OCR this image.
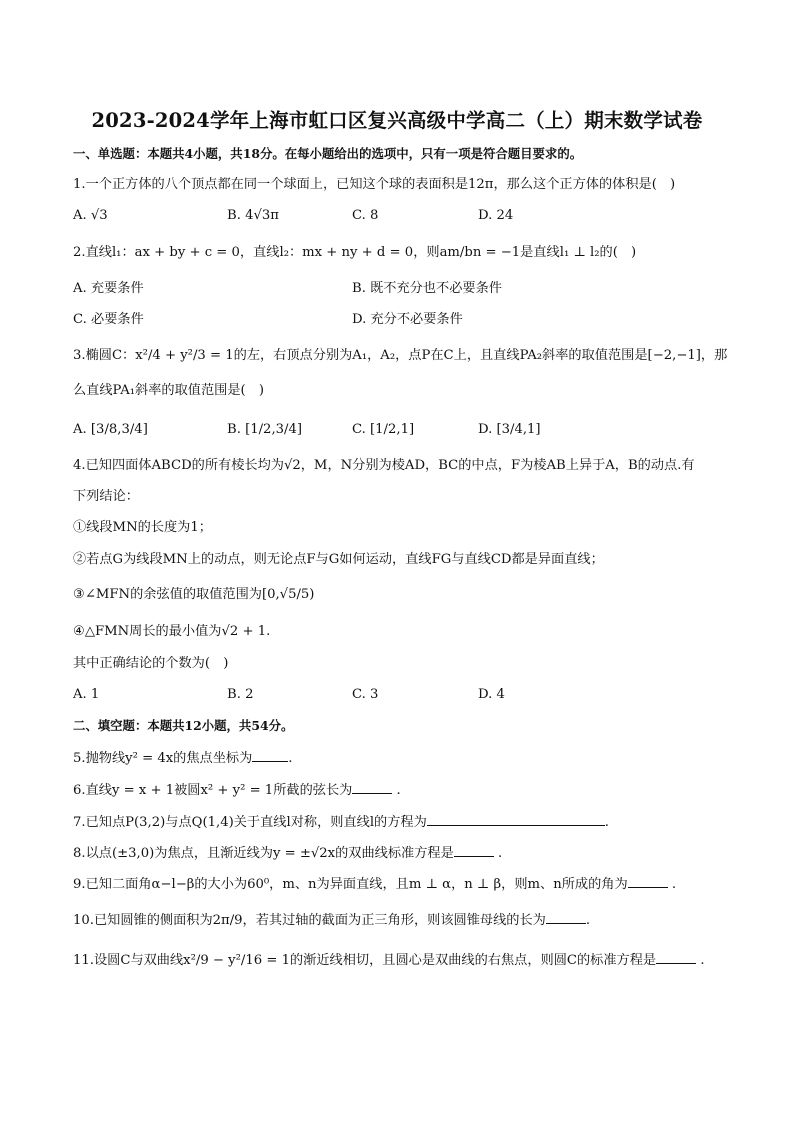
2023-2024学年上海市虹口区复兴高级中学高二（上）期末数学试卷
一、单选题：本题共4小题，共18分。在每小题给出的选项中，只有一项是符合题目要求的。
1.一个正方体的八个顶点都在同一个球面上，已知这个球的表面积是12π，那么这个正方体的体积是(　)
A. √3	B. 4√3π	C. 8	D. 24
2.直线l₁：ax + by + c = 0，直线l₂：mx + ny + d = 0，则am/bn = −1是直线l₁ ⊥ l₂的(　)
A. 充要条件	B. 既不充分也不必要条件
C. 必要条件	D. 充分不必要条件
3.椭圆C：x²/4 + y²/3 = 1的左，右顶点分别为A₁，A₂，点P在C上，且直线PA₂斜率的取值范围是[−2,−1]，那
么直线PA₁斜率的取值范围是(　)
A. [3/8,3/4]	B. [1/2,3/4]	C. [1/2,1]	D. [3/4,1]
4.已知四面体ABCD的所有棱长均为√2，M，N分别为棱AD，BC的中点，F为棱AB上异于A，B的动点.有
下列结论：
①线段MN的长度为1；
②若点G为线段MN上的动点，则无论点F与G如何运动，直线FG与直线CD都是异面直线；
③∠MFN的余弦值的取值范围为[0,√5/5)
④△FMN周长的最小值为√2 + 1.
其中正确结论的个数为(　)
A. 1	B. 2	C. 3	D. 4
二、填空题：本题共12小题，共54分。
5.抛物线y² = 4x的焦点坐标为	.
6.直线y = x + 1被圆x² + y² = 1所截的弦长为	.
7.已知点P(3,2)与点Q(1,4)关于直线l对称，则直线l的方程为	.
8.以点(±3,0)为焦点，且渐近线为y = ±√2x的双曲线标准方程是	.
9.已知二面角α−l−β的大小为60⁰，m、n为异面直线，且m ⊥ α，n ⊥ β，则m、n所成的角为	.
10.已知圆锥的侧面积为2π/9，若其过轴的截面为正三角形，则该圆锥母线的长为	.
11.设圆C与双曲线x²/9 − y²/16 = 1的渐近线相切，且圆心是双曲线的右焦点，则圆C的标准方程是	.
